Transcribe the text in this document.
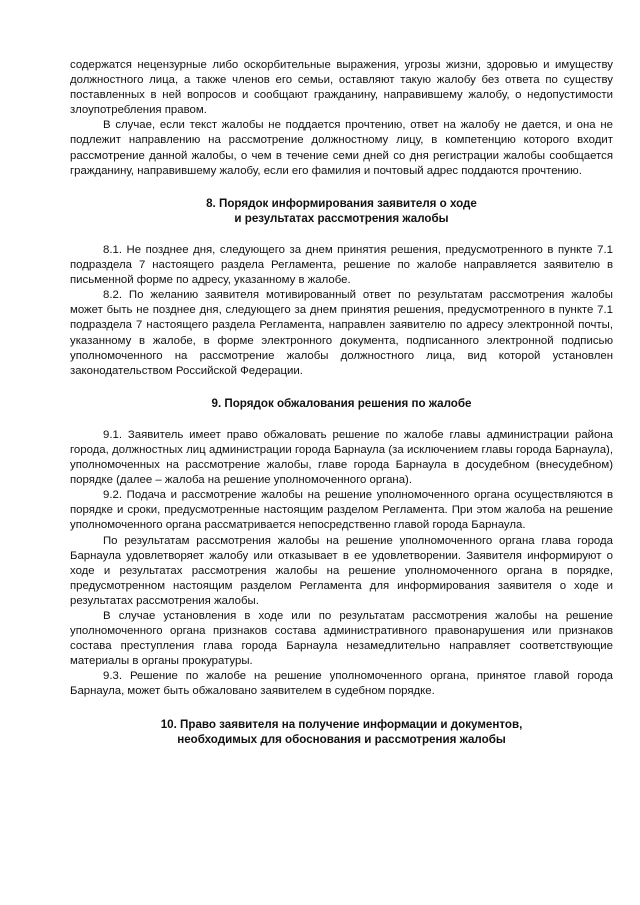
содержатся нецензурные либо оскорбительные выражения, угрозы жизни, здоровью и имуществу должностного лица, а также членов его семьи, оставляют такую жалобу без ответа по существу поставленных в ней вопросов и сообщают гражданину, направившему жалобу, о недопустимости злоупотребления правом.

В случае, если текст жалобы не поддается прочтению, ответ на жалобу не дается, и она не подлежит направлению на рассмотрение должностному лицу, в компетенцию которого входит рассмотрение данной жалобы, о чем в течение семи дней со дня регистрации жалобы сообщается гражданину, направившему жалобу, если его фамилия и почтовый адрес поддаются прочтению.

8. Порядок информирования заявителя о ходе
и результатах рассмотрения жалобы

8.1. Не позднее дня, следующего за днем принятия решения, предусмотренного в пункте 7.1 подраздела 7 настоящего раздела Регламента, решение по жалобе направляется заявителю в письменной форме по адресу, указанному в жалобе.

8.2. По желанию заявителя мотивированный ответ по результатам рассмотрения жалобы может быть не позднее дня, следующего за днем принятия решения, предусмотренного в пункте 7.1 подраздела 7 настоящего раздела Регламента, направлен заявителю по адресу электронной почты, указанному в жалобе, в форме электронного документа, подписанного электронной подписью уполномоченного на рассмотрение жалобы должностного лица, вид которой установлен законодательством Российской Федерации.

9. Порядок обжалования решения по жалобе

9.1. Заявитель имеет право обжаловать решение по жалобе главы администрации района города, должностных лиц администрации города Барнаула (за исключением главы города Барнаула), уполномоченных на рассмотрение жалобы, главе города Барнаула в досудебном (внесудебном) порядке (далее – жалоба на решение уполномоченного органа).

9.2. Подача и рассмотрение жалобы на решение уполномоченного органа осуществляются в порядке и сроки, предусмотренные настоящим разделом Регламента. При этом жалоба на решение уполномоченного органа рассматривается непосредственно главой города Барнаула.

По результатам рассмотрения жалобы на решение уполномоченного органа глава города Барнаула удовлетворяет жалобу или отказывает в ее удовлетворении. Заявителя информируют о ходе и результатах рассмотрения жалобы на решение уполномоченного органа в порядке, предусмотренном настоящим разделом Регламента для информирования заявителя о ходе и результатах рассмотрения жалобы.

В случае установления в ходе или по результатам рассмотрения жалобы на решение уполномоченного органа признаков состава административного правонарушения или признаков состава преступления глава города Барнаула незамедлительно направляет соответствующие материалы в органы прокуратуры.

9.3. Решение по жалобе на решение уполномоченного органа, принятое главой города Барнаула, может быть обжаловано заявителем в судебном порядке.

10. Право заявителя на получение информации и документов,
необходимых для обоснования и рассмотрения жалобы
